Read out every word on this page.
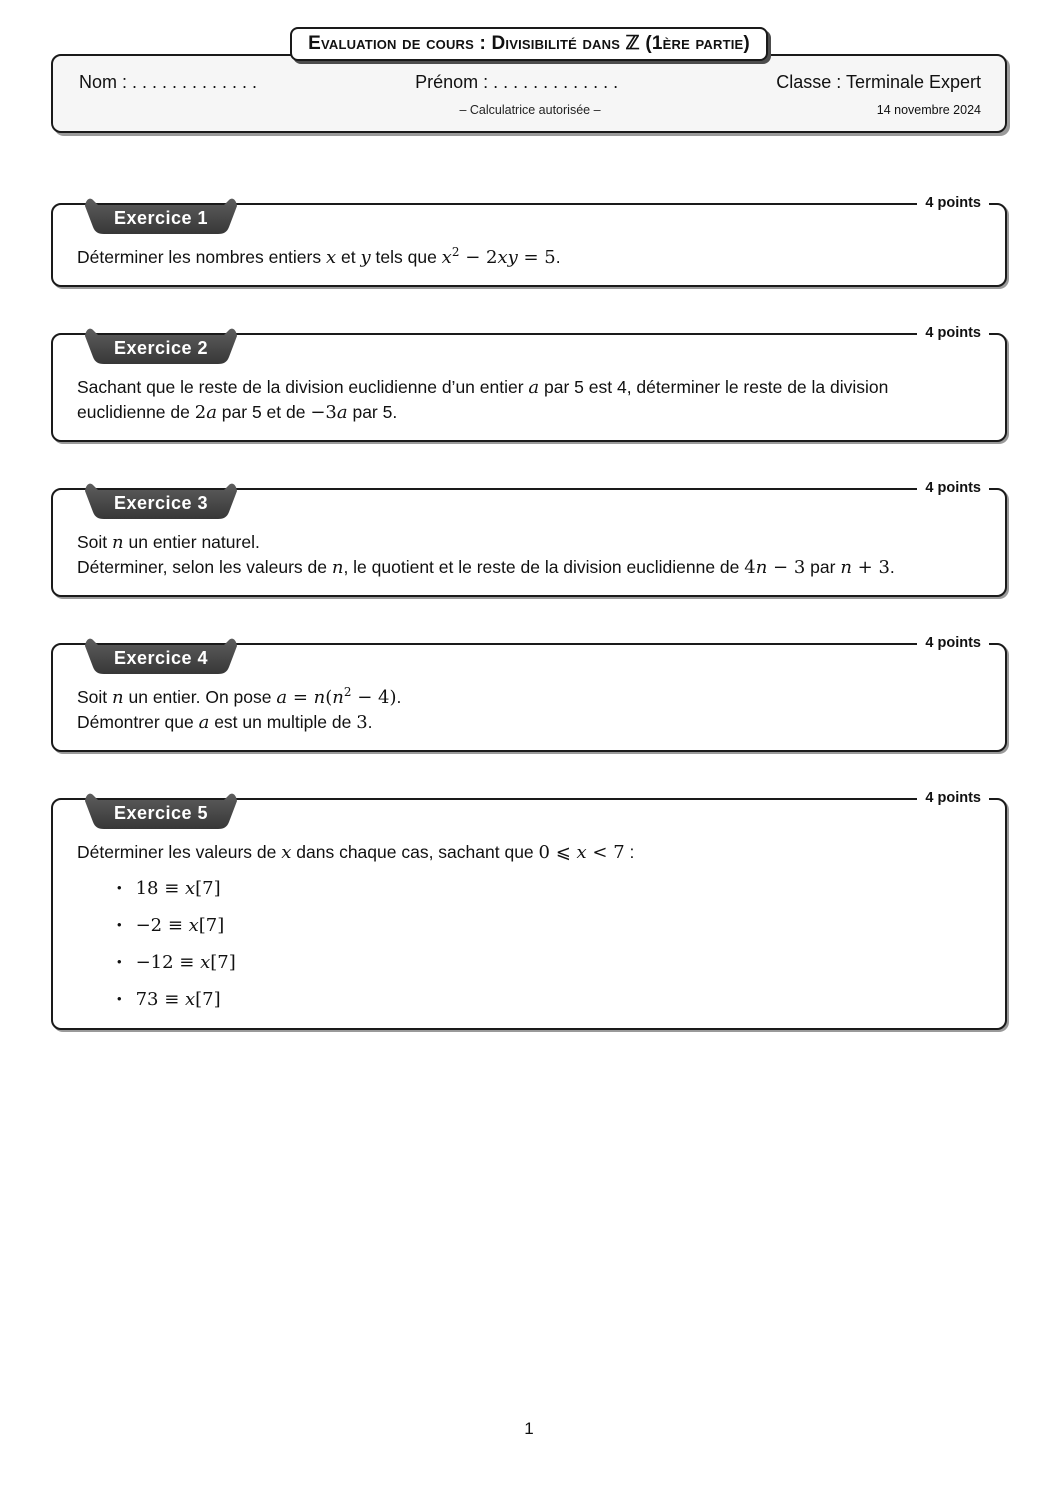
Evaluation de cours : Divisibilité dans ℤ (1ère partie)
Nom : . . . . . . . . . . . . .	Prénom : . . . . . . . . . . . . .	Classe : Terminale Expert
– Calculatrice autorisée –	14 novembre 2024
Exercice 1
4 points
Déterminer les nombres entiers x et y tels que $x^2 - 2xy = 5$.
Exercice 2
4 points
Sachant que le reste de la division euclidienne d’un entier a par 5 est 4, déterminer le reste de la division euclidienne de 2a par 5 et de −3a par 5.
Exercice 3
4 points
Soit n un entier naturel.
Déterminer, selon les valeurs de n, le quotient et le reste de la division euclidienne de 4n − 3 par n + 3.
Exercice 4
4 points
Soit n un entier. On pose $a = n(n^2 - 4)$.
Démontrer que a est un multiple de 3.
Exercice 5
4 points
Déterminer les valeurs de x dans chaque cas, sachant que 0 ⩽ x < 7 :
• 18 ≡ x[7]
• −2 ≡ x[7]
• −12 ≡ x[7]
• 73 ≡ x[7]
1
